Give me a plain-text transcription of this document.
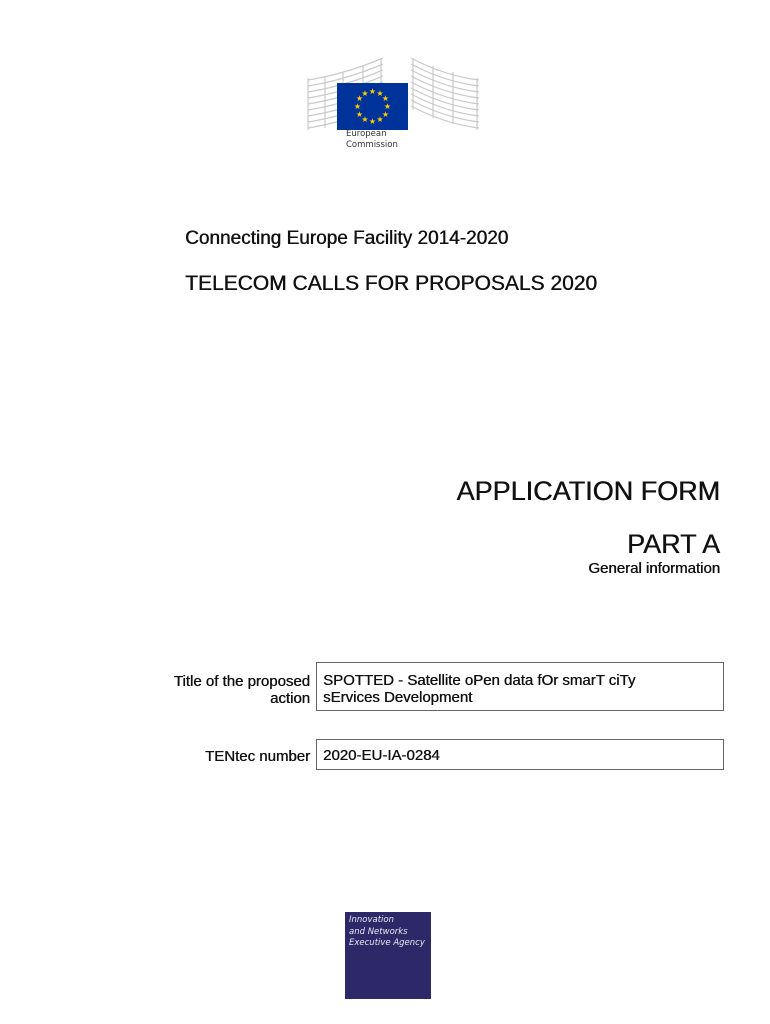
★ ★
★
★
★
★
★
★
★
★
★
★
European
Commission
Connecting Europe Facility 2014-2020
TELECOM CALLS FOR PROPOSALS 2020
APPLICATION FORM
PART A
General information
Title of the proposed
action
SPOTTED - Satellite oPen data fOr smarT ciTy
sErvices Development
TENtec number 2020-EU-IA-0284
Innovation
and Networks
Executive Agency
